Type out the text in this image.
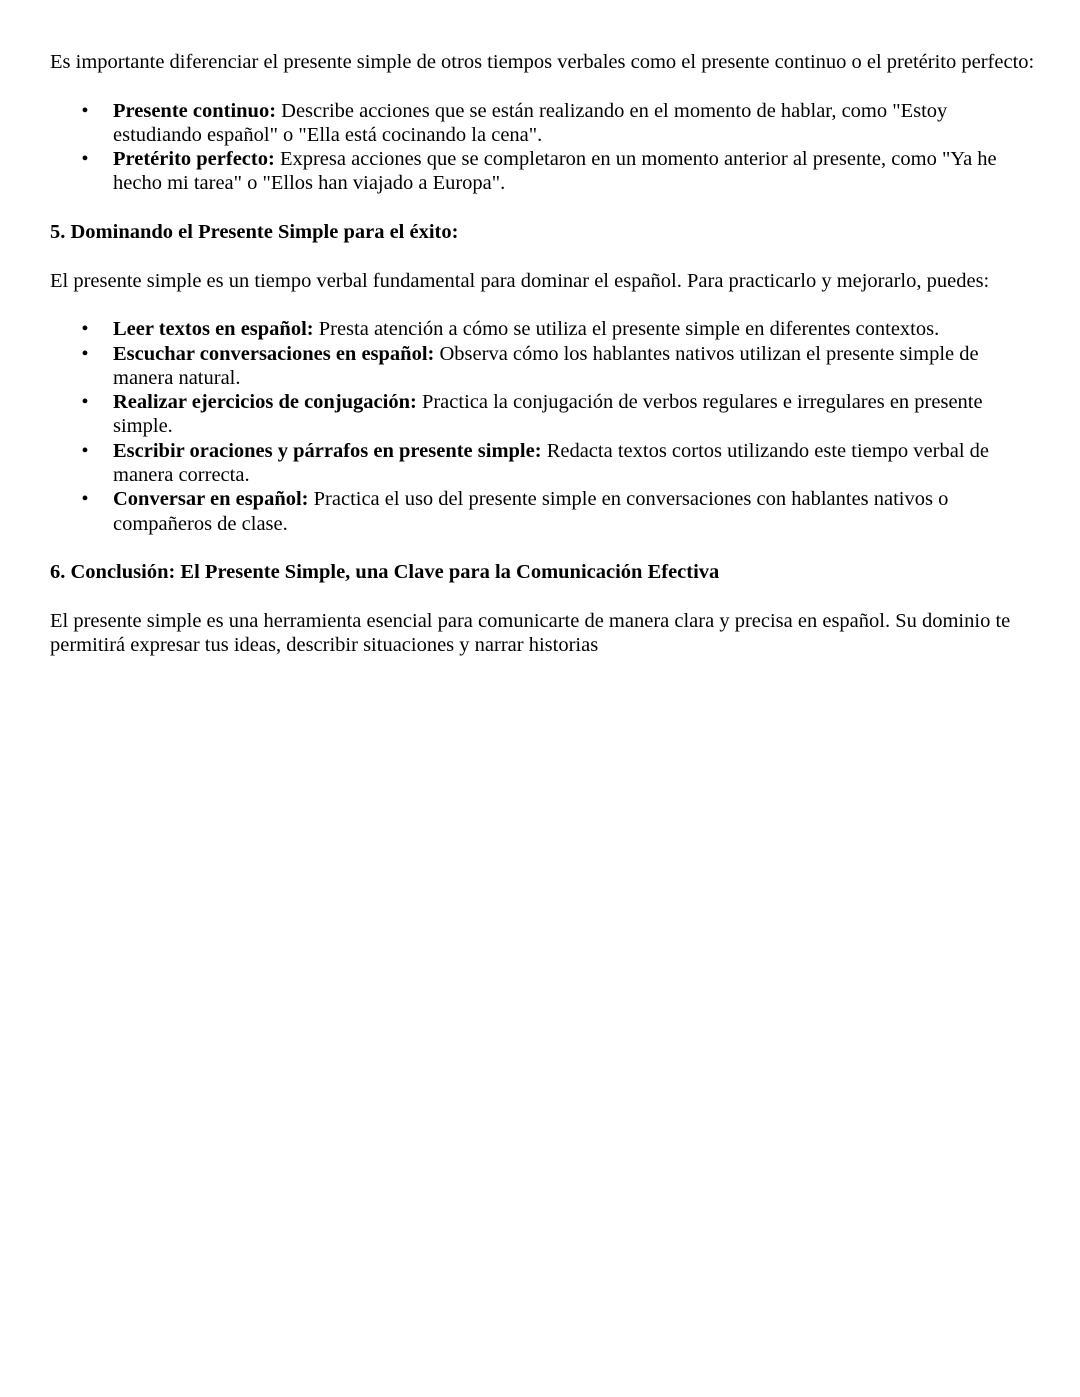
Es importante diferenciar el presente simple de otros tiempos verbales como el presente continuo o el pretérito perfecto:

• Presente continuo: Describe acciones que se están realizando en el momento de hablar, como "Estoy estudiando español" o "Ella está cocinando la cena".
• Pretérito perfecto: Expresa acciones que se completaron en un momento anterior al presente, como "Ya he hecho mi tarea" o "Ellos han viajado a Europa".
5. Dominando el Presente Simple para el éxito:

El presente simple es un tiempo verbal fundamental para dominar el español. Para practicarlo y mejorarlo, puedes:

• Leer textos en español: Presta atención a cómo se utiliza el presente simple en diferentes contextos.
• Escuchar conversaciones en español: Observa cómo los hablantes nativos utilizan el presente simple de manera natural.
• Realizar ejercicios de conjugación: Practica la conjugación de verbos regulares e irregulares en presente simple.
• Escribir oraciones y párrafos en presente simple: Redacta textos cortos utilizando este tiempo verbal de manera correcta.
• Conversar en español: Practica el uso del presente simple en conversaciones con hablantes nativos o compañeros de clase.
6. Conclusión: El Presente Simple, una Clave para la Comunicación Efectiva

El presente simple es una herramienta esencial para comunicarte de manera clara y precisa en español. Su dominio te permitirá expresar tus ideas, describir situaciones y narrar historias
